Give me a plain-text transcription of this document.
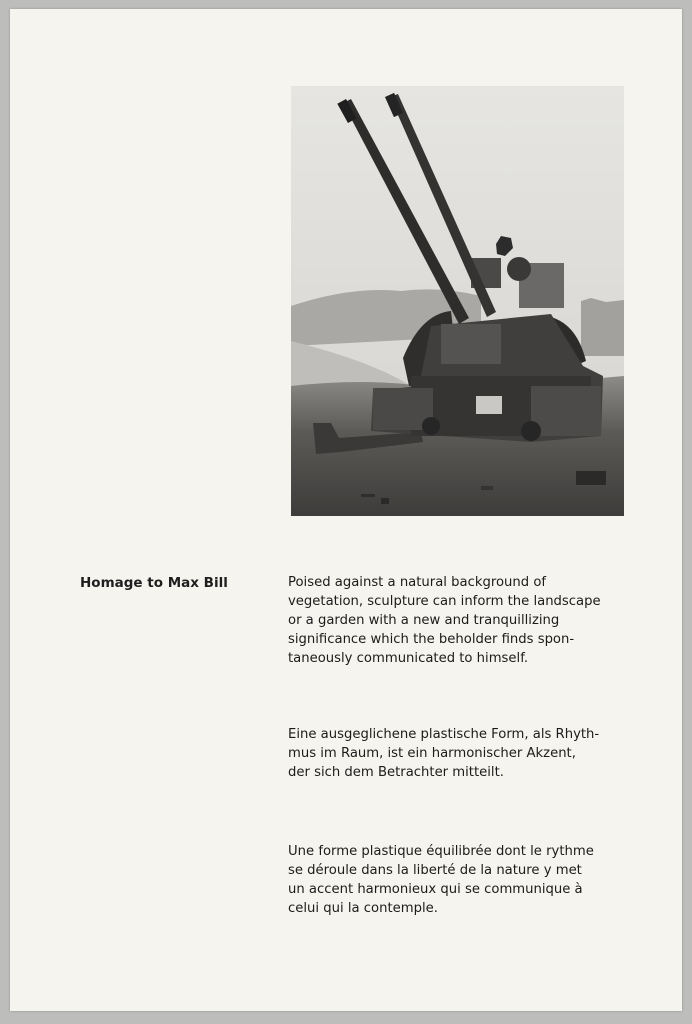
Homage to Max Bill	Poised against a natural background of
vegetation, sculpture can inform the landscape
or a garden with a new and tranquillizing
significance which the beholder finds spon-
taneously communicated to himself.
Eine ausgeglichene plastische Form, als Rhyth-
mus im Raum, ist ein harmonischer Akzent,
der sich dem Betrachter mitteilt.
Une forme plastique équilibrée dont le rythme
se déroule dans la liberté de la nature y met
un accent harmonieux qui se communique à
celui qui la contemple.
